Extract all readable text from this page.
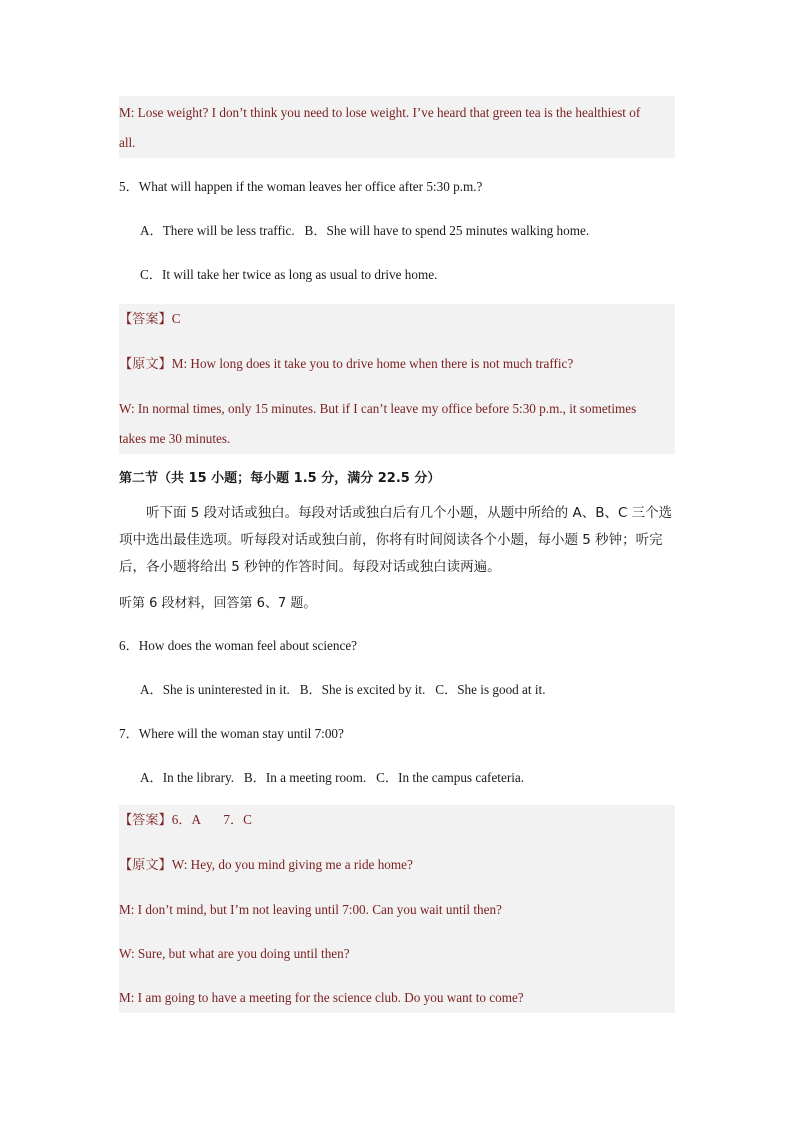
M: Lose weight? I don’t think you need to lose weight. I’ve heard that green tea is the healthiest of
all.
5．What will happen if the woman leaves her office after 5:30 p.m.?
A．There will be less traffic.   B．She will have to spend 25 minutes walking home.
C．It will take her twice as long as usual to drive home.
【答案】C
【原文】M: How long does it take you to drive home when there is not much traffic?
W: In normal times, only 15 minutes. But if I can’t leave my office before 5:30 p.m., it sometimes
takes me 30 minutes.
第二节（共 15 小题；每小题 1.5 分，满分 22.5 分）
听下面 5 段对话或独白。每段对话或独白后有几个小题，从题中所给的 A、B、C 三个选项中选出最佳选项。听每段对话或独白前，你将有时间阅读各个小题，每小题 5 秒钟；听完后，各小题将给出 5 秒钟的作答时间。每段对话或独白读两遍。
听第 6 段材料，回答第 6、7 题。
6．How does the woman feel about science?
A．She is uninterested in it.   B．She is excited by it.   C．She is good at it.
7．Where will the woman stay until 7:00?
A．In the library.   B．In a meeting room.   C．In the campus cafeteria.
【答案】6．A       7．C
【原文】W: Hey, do you mind giving me a ride home?
M: I don’t mind, but I’m not leaving until 7:00. Can you wait until then?
W: Sure, but what are you doing until then?
M: I am going to have a meeting for the science club. Do you want to come?
